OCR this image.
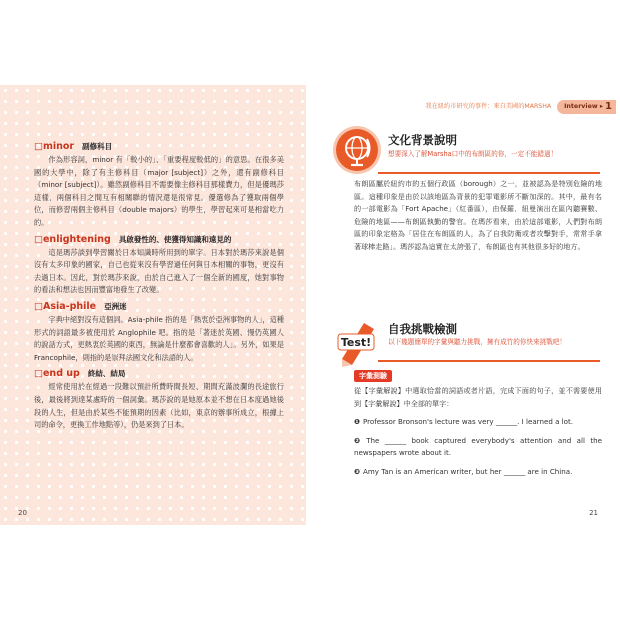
□minor 副修科目

作為形容詞，minor 有「較小的」、「重要程度較低的」的意思。在很多美國的大學中，除了有主修科目（major [subject]）之外，還有副修科目（minor [subject]）。雖然副修科目不需要像主修科目那樣費力，但是優瑪莎這樣，兩個科目之間互有相關聯的情況還是很常見。優選修為了獲取兩個學位，而修習兩個主修科目（double majors）的學生，學習起來可是相當吃力的。

□enlightening 具啟發性的、使獲得知識和遠見的

這是瑪莎談到學習關於日本知識時所用到的單字。日本對於瑪莎來說是個沒有太多印象的國家，自己也從來沒有學習過任何與日本相關的事物，更沒有去過日本。因此，對於瑪莎來說，由於自己進入了一個全新的國度，她對事物的看法和想法也因而豐富地發生了改變。

□Asia-phile 亞洲迷

字典中絕對沒有這個詞。Asia-phile 指的是「熱衷於亞洲事物的人」，這種形式的詞語最多被使用於 Anglophile 吧。指的是「著迷於英國、慢仍英國人的說話方式，更熱衷於英國的東西，無論是什麼都會喜歡的人」。另外，如果是 Francophile，則指的是崇拜法國文化和法語的人。

□end up 終結、結局

經常使用於在經過一段難以預計所費時間長短、期間充滿波瀾的長途旅行後，最後將到達某處時的一個詞彙。瑪莎說的是她原本並不想在日本度過她後段的人生，但是由於某些不能預期的因素（比如，東京的辦事所成立，根據上司的命令，更換工作地點等），仍是來到了日本。

20
我在紐約市研究的事件：來自美國的MARSHA Interview ▸ 1
文化背景說明
想要深入了解Marsha口中的布朗區的你，一定不能錯過！
布朗區屬於紐約市的五個行政區（borough）之一，並被認為是特別危險的地區。這種印象是由於以該地區為背景的犯罪電影所不斷加深的。其中，最有名的一部電影為「Fort Apache」（紅番區），由保羅．紐曼演出在區內聽賽數、危險的地區——布朗區執勤的警官。在瑪莎看來，由於這部電影，人們對布朗區的印象定格為「居住在布朗區的人，為了自我防衛或者攻擊對手，常常手拿著球棒走路」。瑪莎認為這實在太誇張了，布朗區也有其他很多好的地方。
Test!
自我挑戰檢測
以下幾題簡單的字彙與聽力挑戰，擁有成竹的你快來挑戰吧！
字彙測驗
從【字彙解說】中選取恰當的詞語或者片語，完成下面的句子，並不需要使用到【字彙解說】中全部的單字：
❶ Professor Bronson's lecture was very ______. I learned a lot.
❷ The ______ book captured everybody's attention and all the newspapers wrote about it.
❸ Amy Tan is an American writer, but her ______ are in China.
21
